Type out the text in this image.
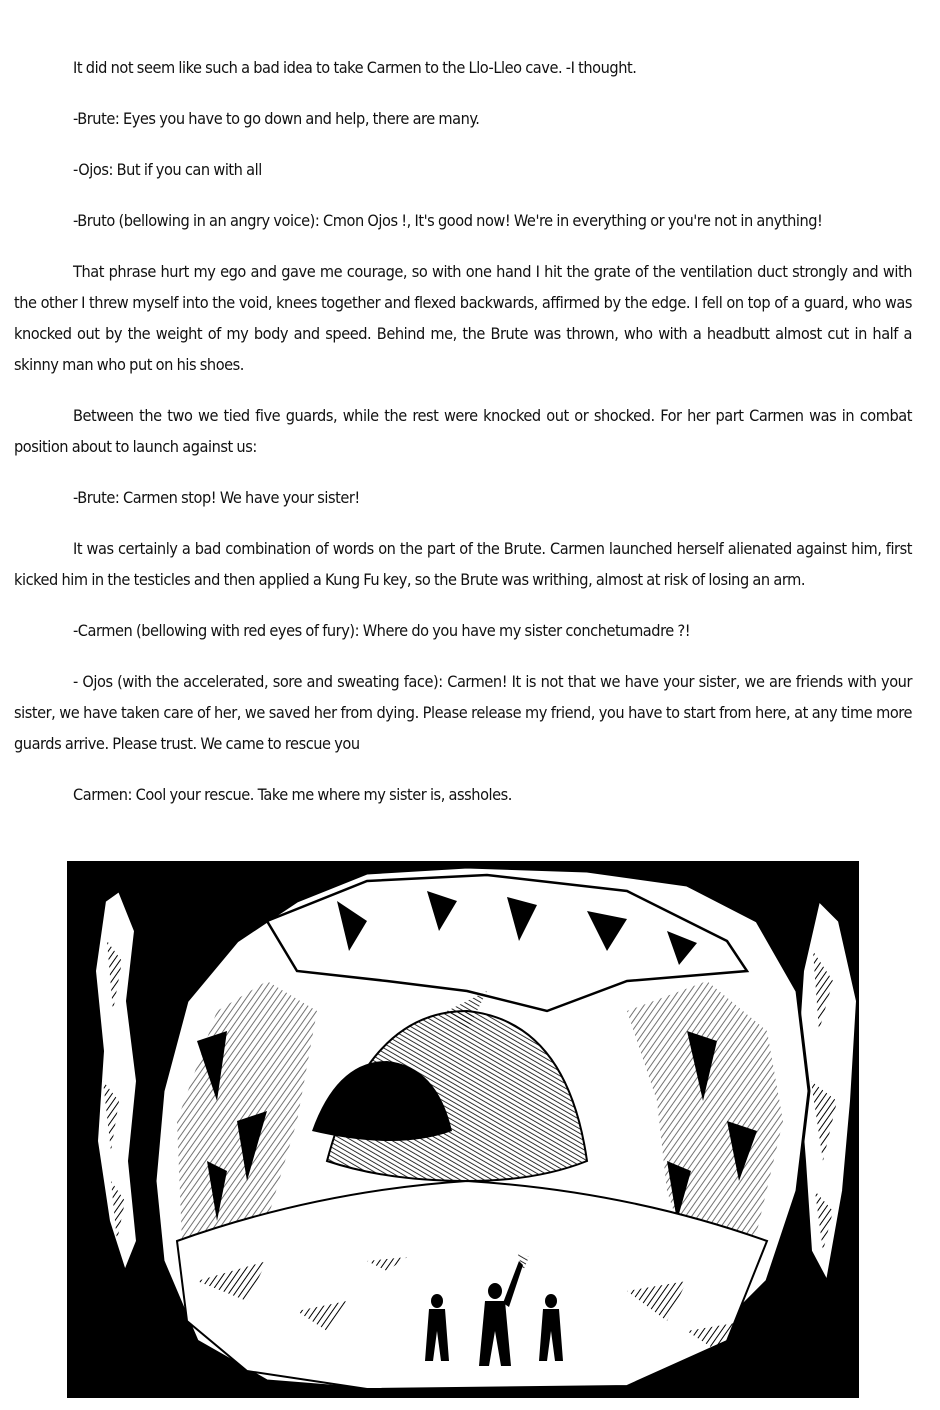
It did not seem like such a bad idea to take Carmen to the Llo-Lleo cave. -I thought.

-Brute: Eyes you have to go down and help, there are many.

-Ojos: But if you can with all

-Bruto (bellowing in an angry voice): Cmon Ojos !, It's good now! We're in everything or you're not in anything!

That phrase hurt my ego and gave me courage, so with one hand I hit the grate of the ventilation duct strongly and with the other I threw myself into the void, knees together and flexed backwards, affirmed by the edge. I fell on top of a guard, who was knocked out by the weight of my body and speed. Behind me, the Brute was thrown, who with a headbutt almost cut in half a skinny man who put on his shoes.

Between the two we tied five guards, while the rest were knocked out or shocked. For her part Carmen was in combat position about to launch against us:

-Brute: Carmen stop! We have your sister!

It was certainly a bad combination of words on the part of the Brute. Carmen launched herself alienated against him, first kicked him in the testicles and then applied a Kung Fu key, so the Brute was writhing, almost at risk of losing an arm.

-Carmen (bellowing with red eyes of fury): Where do you have my sister conchetumadre ?!

- Ojos (with the accelerated, sore and sweating face): Carmen! It is not that we have your sister, we are friends with your sister, we have taken care of her, we saved her from dying. Please release my friend, you have to start from here, at any time more guards arrive. Please trust. We came to rescue you

Carmen: Cool your rescue. Take me where my sister is, assholes.
